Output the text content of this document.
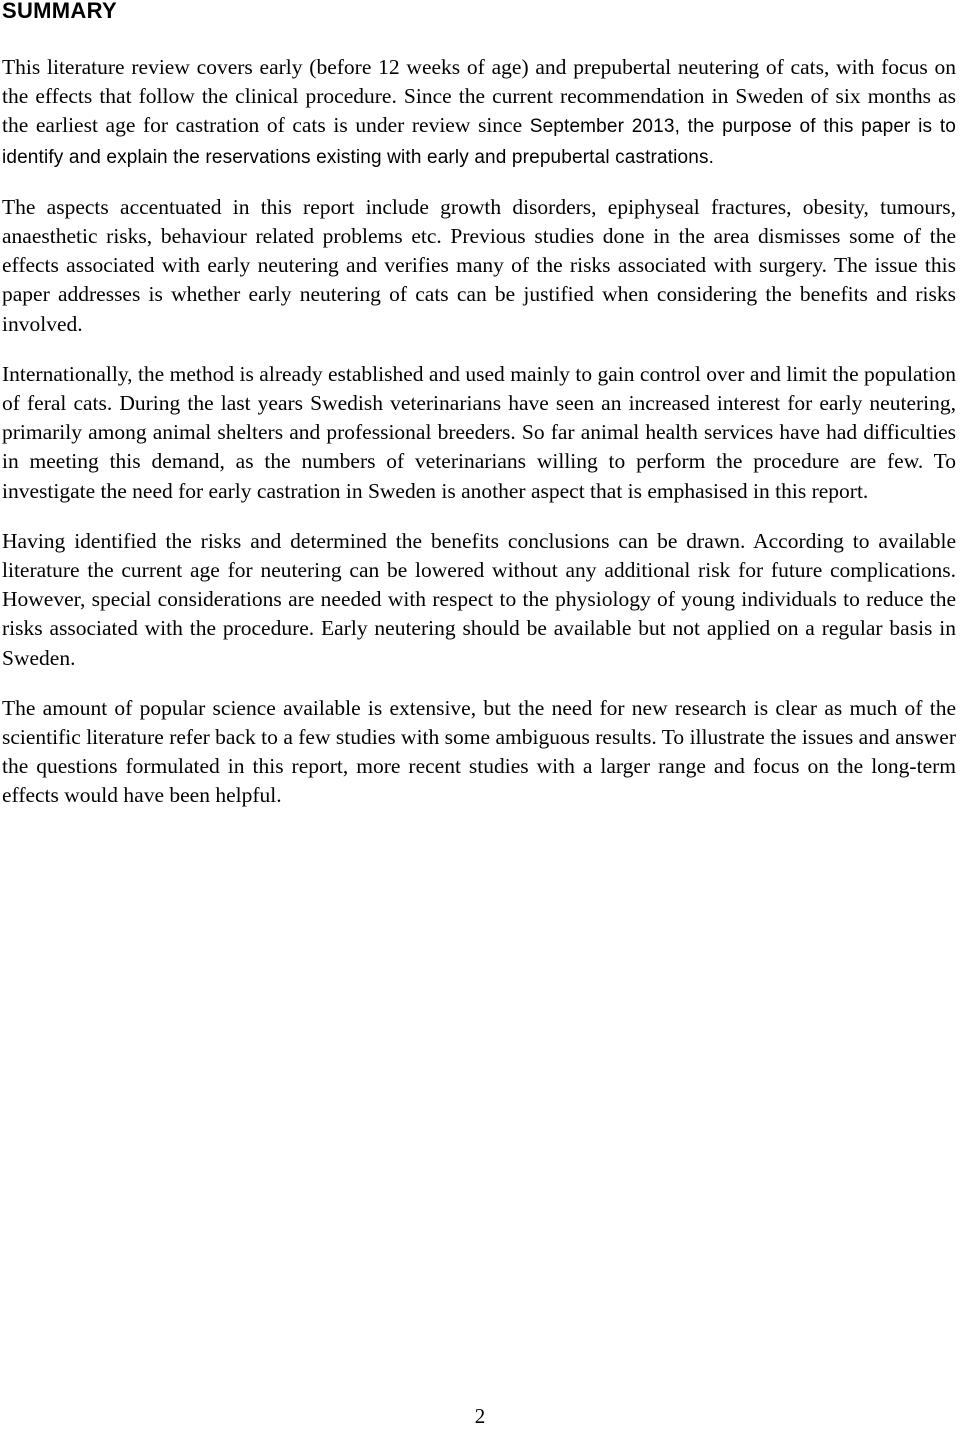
SUMMARY

This literature review covers early (before 12 weeks of age) and prepubertal neutering of cats, with focus on the effects that follow the clinical procedure. Since the current recommendation in Sweden of six months as the earliest age for castration of cats is under review since September 2013, the purpose of this paper is to identify and explain the reservations existing with early and prepubertal castrations.

The aspects accentuated in this report include growth disorders, epiphyseal fractures, obesity, tumours, anaesthetic risks, behaviour related problems etc. Previous studies done in the area dismisses some of the effects associated with early neutering and verifies many of the risks associated with surgery. The issue this paper addresses is whether early neutering of cats can be justified when considering the benefits and risks involved.

Internationally, the method is already established and used mainly to gain control over and limit the population of feral cats. During the last years Swedish veterinarians have seen an increased interest for early neutering, primarily among animal shelters and professional breeders. So far animal health services have had difficulties in meeting this demand, as the numbers of veterinarians willing to perform the procedure are few. To investigate the need for early castration in Sweden is another aspect that is emphasised in this report.

Having identified the risks and determined the benefits conclusions can be drawn. According to available literature the current age for neutering can be lowered without any additional risk for future complications. However, special considerations are needed with respect to the physiology of young individuals to reduce the risks associated with the procedure. Early neutering should be available but not applied on a regular basis in Sweden.

The amount of popular science available is extensive, but the need for new research is clear as much of the scientific literature refer back to a few studies with some ambiguous results. To illustrate the issues and answer the questions formulated in this report, more recent studies with a larger range and focus on the long-term effects would have been helpful.

2
